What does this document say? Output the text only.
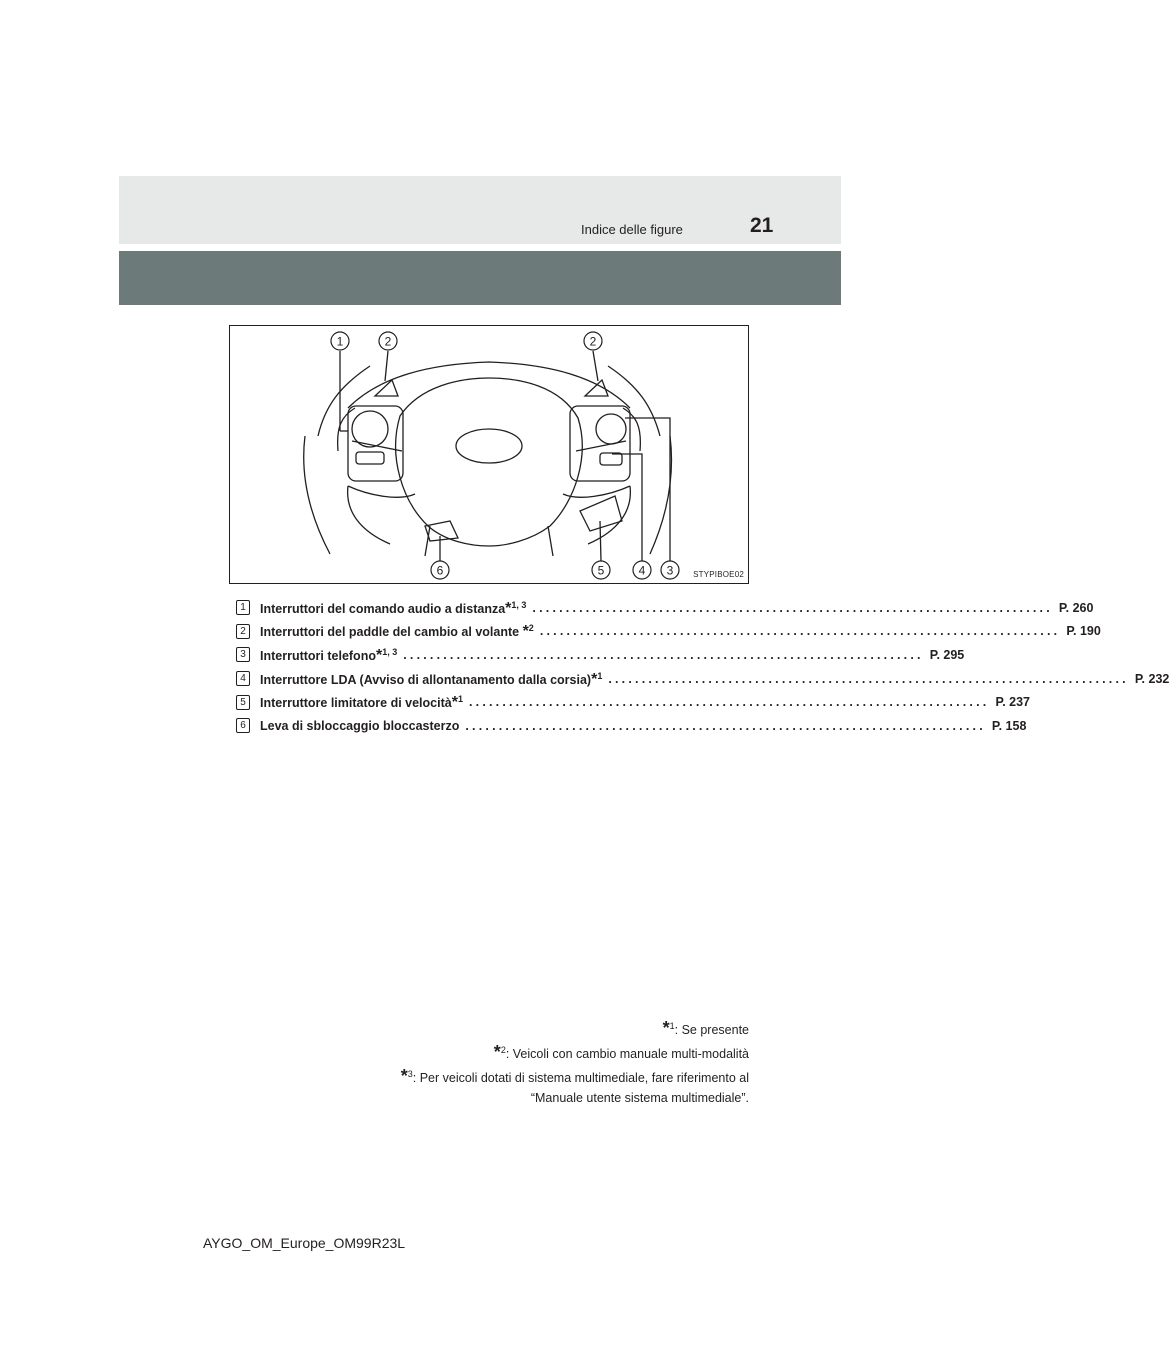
Indice delle figure	21
1	2	2
6	5	4 3 STYPIBOE02
1	Interruttori del comando audio a distanza*$^{1, 3}$ .............................................................................. P. 260
2	Interruttori del paddle del cambio al volante *$^2$ .............................................................................. P. 190
3	Interruttori telefono*$^{1, 3}$ .............................................................................. P. 295
4	Interruttore LDA (Avviso di allontanamento dalla corsia)*$^1$ .............................................................................. P. 232
5	Interruttore limitatore di velocità*$^1$ .............................................................................. P. 237
6	Leva di sbloccaggio bloccasterzo .............................................................................. P. 158
*$^1$: Se presente
*$^2$: Veicoli con cambio manuale multi-modalità
*$^3$: Per veicoli dotati di sistema multimediale, fare riferimento al
“Manuale utente sistema multimediale”.
AYGO_OM_Europe_OM99R23L
